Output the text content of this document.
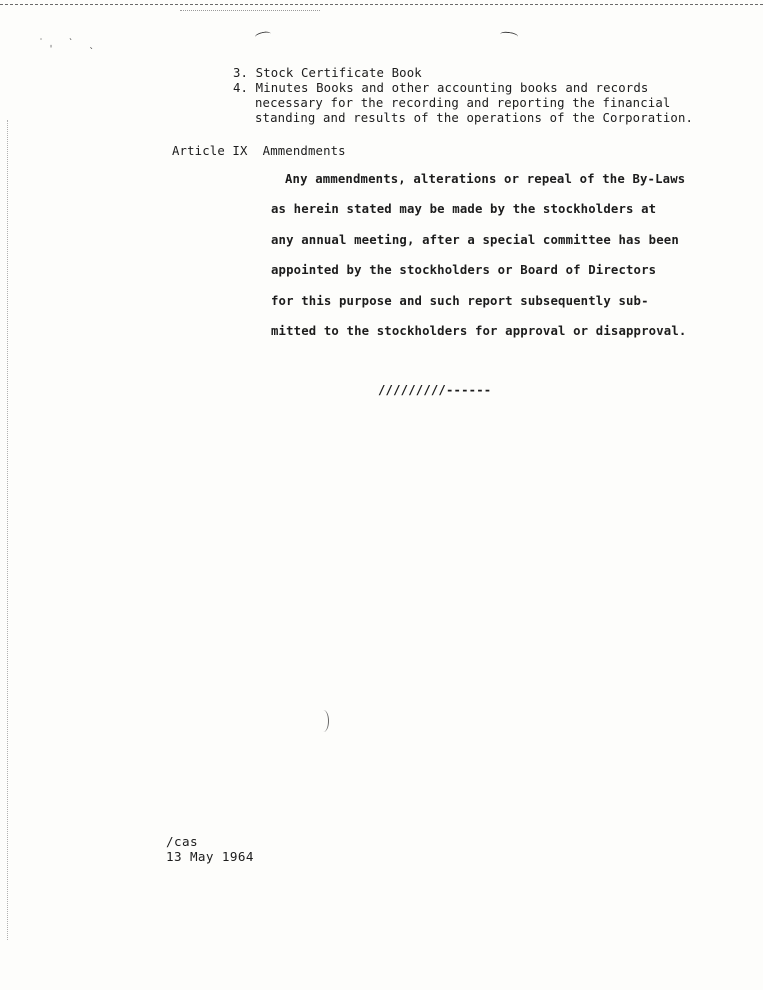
˙ˌ ˋ ˎ
3. Stock Certificate Book
4. Minutes Books and other accounting books and records
necessary for the recording and reporting the financial
standing and results of the operations of the Corporation.
Article IX  Ammendments
Any ammendments, alterations or repeal of the By-Laws
as herein stated may be made by the stockholders at
any annual meeting, after a special committee has been
appointed by the stockholders or Board of Directors
for this purpose and such report subsequently sub-
mitted to the stockholders for approval or disapproval.
/////////------
/cas
13 May 1964
